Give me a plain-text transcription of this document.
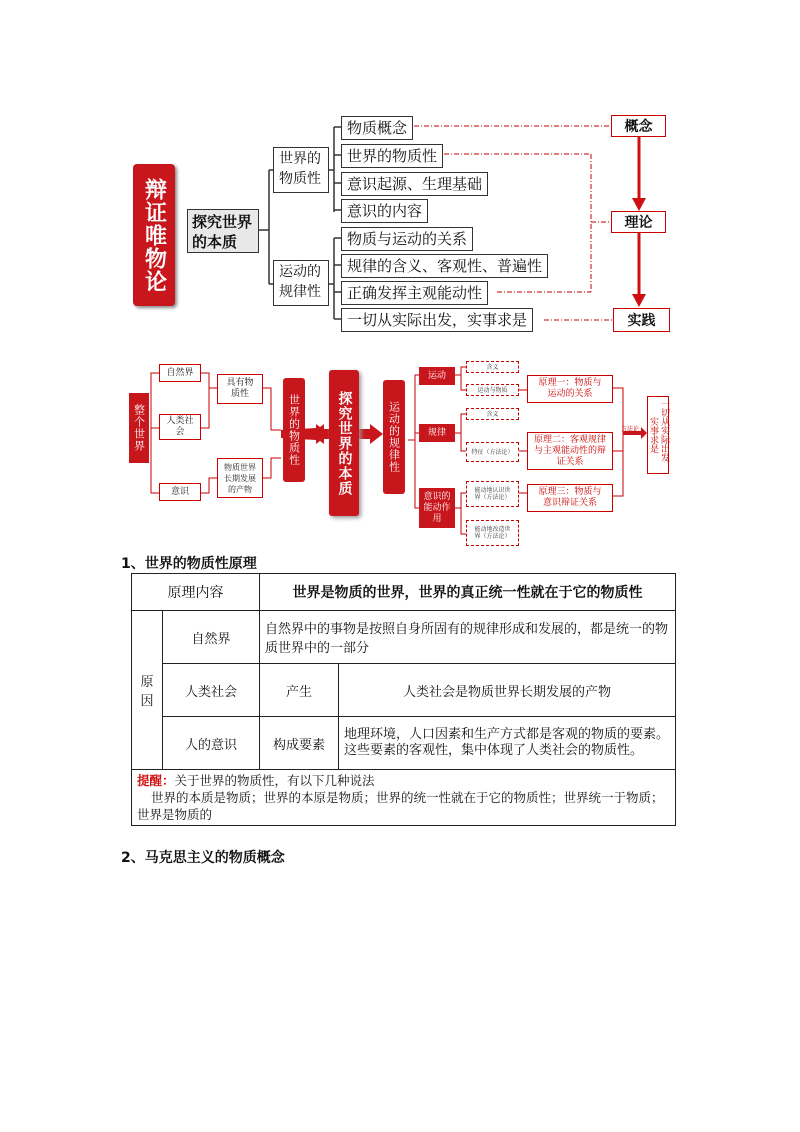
辩证唯物论	探究世界的本质
世界的物质性
运动的规律性
物质概念
世界的物质性
意识起源、生理基础
意识的内容
物质与运动的关系
规律的含义、客观性、普遍性
正确发挥主观能动性
一切从实际出发，实事求是
概念
理论
实践
整个世界
自然界
人类社会
意识
具有物质性
物质世界长期发展的产物
世界的物质性	探究世界的本质	运动的规律性
运动
规律
意识的能动作用
含义
运动与物质
含义
特征（方法论）
能动地认识世界（方法论）
能动地改造世界（方法论）
原理一：物质与运动的关系
原理二：客观规律与主观能动性的辩证关系
原理三：物质与意识辩证关系
方法论	一切从实际出发，实事求是
1、世界的物质性原理
原理内容		世界是物质的世界，世界的真正统一性就在于它的物质性	
原因	自然界	自然界中的事物是按照自身所固有的规律形成和发展的，都是统一的物质世界中的一部分	
	人类社会	产生	人类社会是物质世界长期发展的产物
	人的意识	构成要素	地理环境，人口因素和生产方式都是客观的物质的要素。这些要素的客观性，集中体现了人类社会的物质性。
提醒：关于世界的物质性，有以下几种说法
世界的本质是物质；世界的本原是物质；世界的统一性就在于它的物质性；世界统一于物质；世界是物质的			
2、马克思主义的物质概念
